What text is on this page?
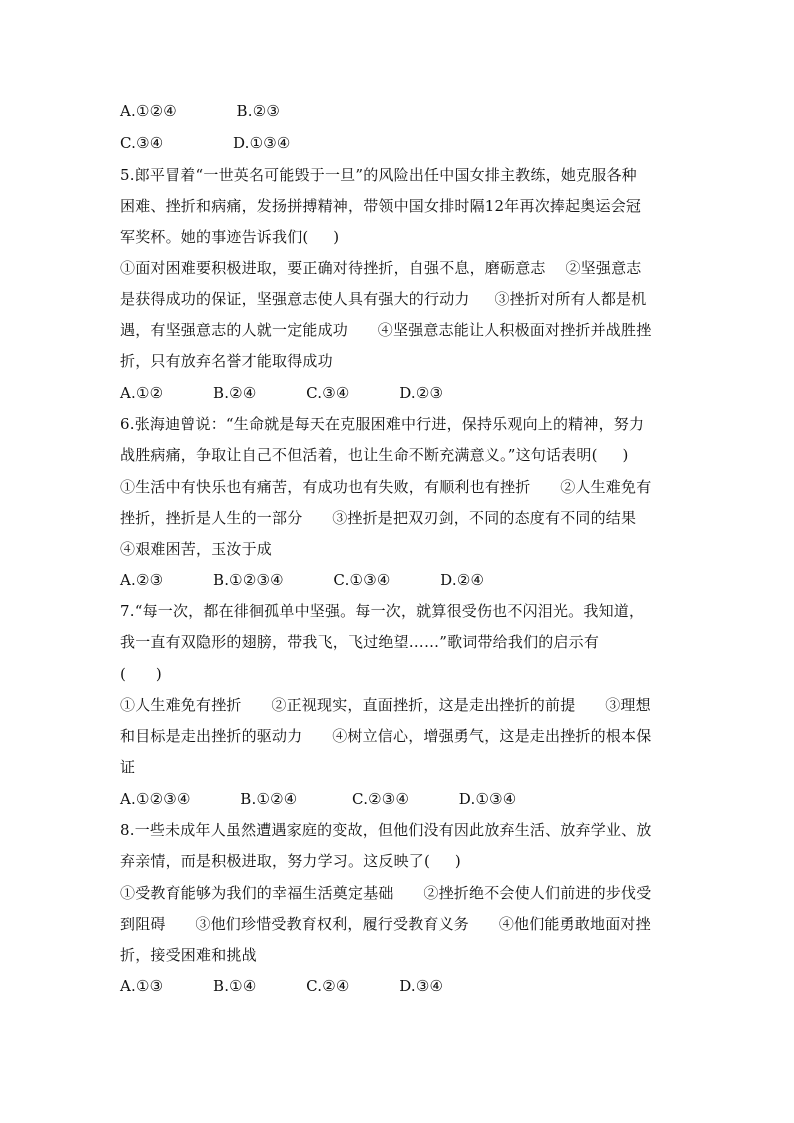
A.①②④            B.②③
C.③④              D.①③④
5.郎平冒着“一世英名可能毁于一旦”的风险出任中国女排主教练，她克服各种
困难、挫折和病痛，发扬拼搏精神，带领中国女排时隔12年再次捧起奥运会冠
军奖杯。她的事迹告诉我们(     )
①面对困难要积极进取，要正确对待挫折，自强不息，磨砺意志    ②坚强意志
是获得成功的保证，坚强意志使人具有强大的行动力     ③挫折对所有人都是机
遇，有坚强意志的人就一定能成功      ④坚强意志能让人积极面对挫折并战胜挫
折，只有放弃名誉才能取得成功
A.①②          B.②④          C.③④          D.②③
6.张海迪曾说：“生命就是每天在克服困难中行进，保持乐观向上的精神，努力
战胜病痛，争取让自己不但活着，也让生命不断充满意义。”这句话表明(     )
①生活中有快乐也有痛苦，有成功也有失败，有顺利也有挫折      ②人生难免有
挫折，挫折是人生的一部分      ③挫折是把双刃剑，不同的态度有不同的结果
④艰难困苦，玉汝于成
A.②③          B.①②③④          C.①③④          D.②④
7.“每一次，都在徘徊孤单中坚强。每一次，就算很受伤也不闪泪光。我知道，
我一直有双隐形的翅膀，带我飞，飞过绝望……”歌词带给我们的启示有
(      )
①人生难免有挫折      ②正视现实，直面挫折，这是走出挫折的前提      ③理想
和目标是走出挫折的驱动力      ④树立信心，增强勇气，这是走出挫折的根本保
证
A.①②③④          B.①②④           C.②③④          D.①③④
8.一些未成年人虽然遭遇家庭的变故，但他们没有因此放弃生活、放弃学业、放
弃亲情，而是积极进取，努力学习。这反映了(     )
①受教育能够为我们的幸福生活奠定基础      ②挫折绝不会使人们前进的步伐受
到阻碍      ③他们珍惜受教育权利，履行受教育义务      ④他们能勇敢地面对挫
折，接受困难和挑战
A.①③          B.①④          C.②④          D.③④
